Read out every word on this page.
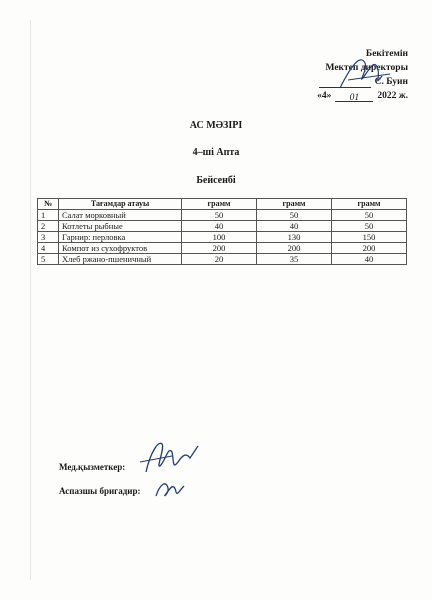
Бекітемін
Мектеп директоры
С. Буин
«4»	01	2022 ж.
АС МӘЗІРІ
4–ші Апта
Бейсенбі
№	Тағамдар атауы	грамм	грамм	грамм
1	Салат морковный	50	50	50
2	Котлеты рыбные	40	40	50
3	Гарнир: перловка	100	130	150
4	Компот из сухофруктов	200	200	200
5	Хлеб ржано-пшеничный	20	35	40
Мед.қызметкер:
Аспазшы бригадир:
